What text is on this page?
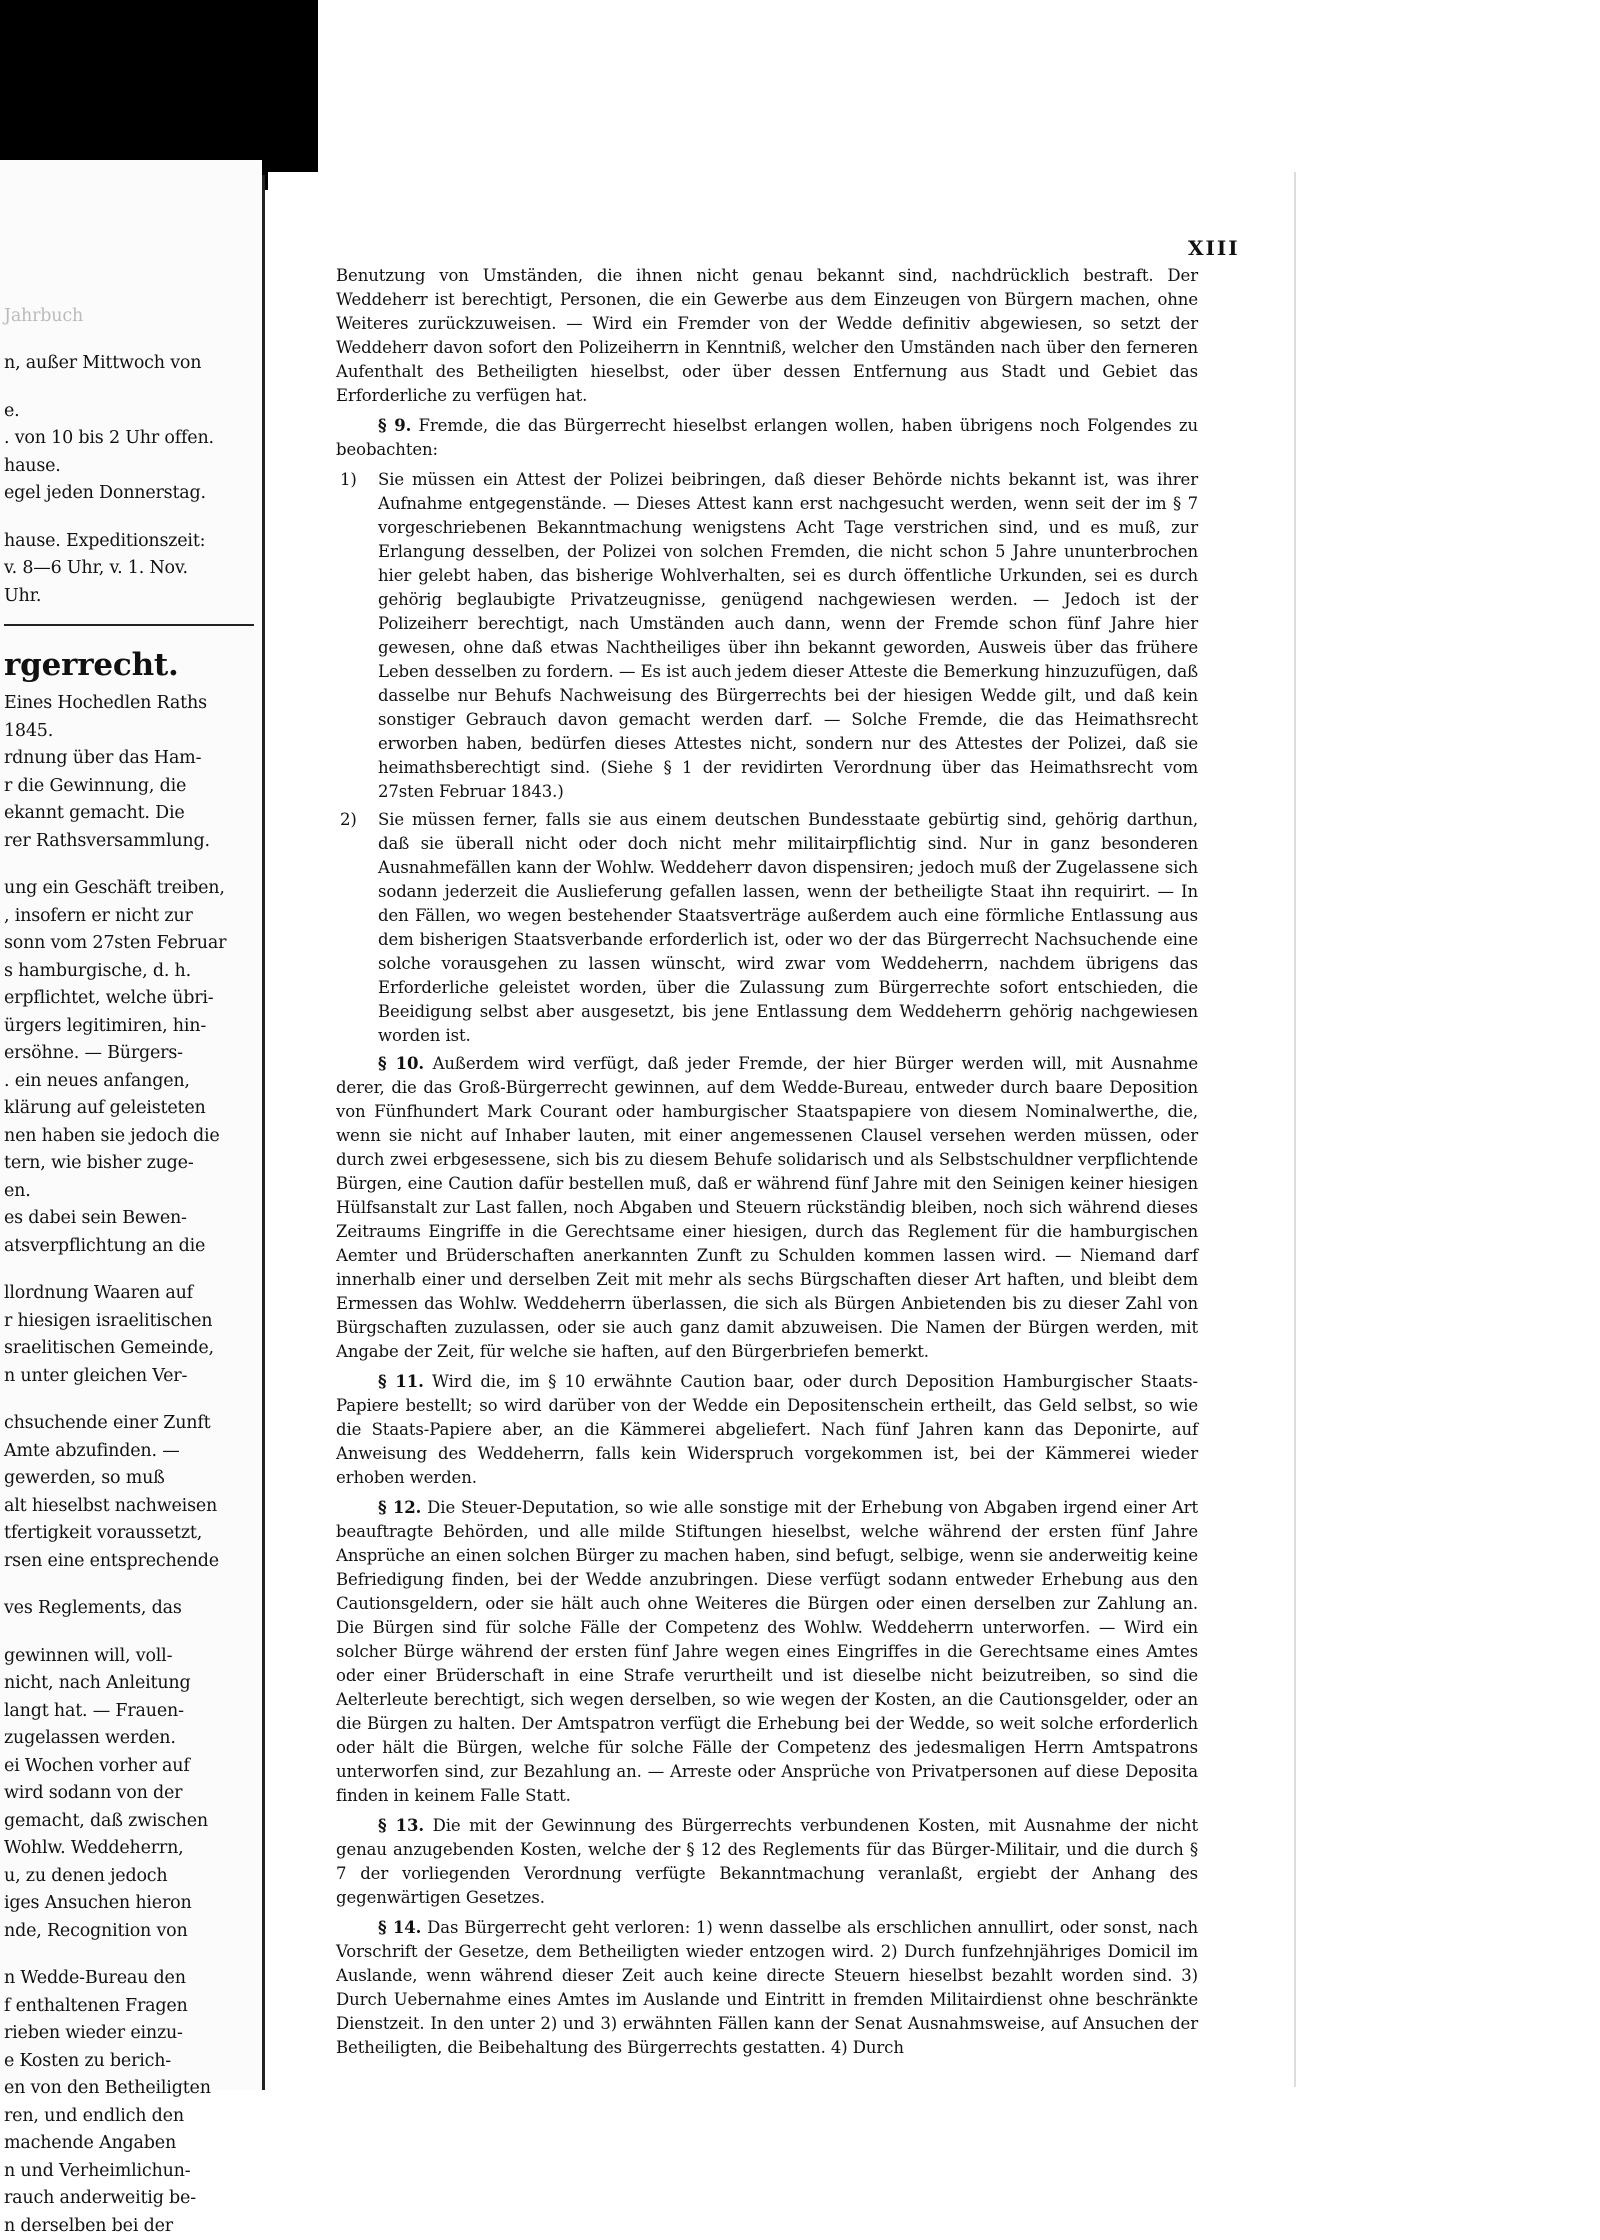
Jahrbuch

n, außer Mittwoch von

e.

. von 10 bis 2 Uhr offen.

hause.

egel jeden Donnerstag.

hause. Expeditionszeit:

v. 8—6 Uhr, v. 1. Nov.

Uhr.

rgerrecht.

Eines Hochedlen Raths

1845.

rdnung über das Ham-

r die Gewinnung, die

ekannt gemacht. Die

rer Rathsversammlung.

ung ein Geschäft treiben,

, insofern er nicht zur

sonn vom 27sten Februar

s hamburgische, d. h.

erpflichtet, welche übri-

ürgers legitimiren, hin-

ersöhne. — Bürgers-

. ein neues anfangen,

klärung auf geleisteten

nen haben sie jedoch die

tern, wie bisher zuge-

en.

es dabei sein Bewen-

atsverpflichtung an die

llordnung Waaren auf

r hiesigen israelitischen

sraelitischen Gemeinde,

n unter gleichen Ver-

chsuchende einer Zunft

Amte abzufinden. —

gewerden, so muß

alt hieselbst nachweisen

tfertigkeit voraussetzt,

rsen eine entsprechende

ves Reglements, das

gewinnen will, voll-

nicht, nach Anleitung

langt hat. — Frauen-

zugelassen werden.

ei Wochen vorher auf

wird sodann von der

gemacht, daß zwischen

Wohlw. Weddeherrn,

u, zu denen jedoch

iges Ansuchen hieron

nde, Recognition von

n Wedde-Bureau den

f enthaltenen Fragen

rieben wieder einzu-

e Kosten zu berich-

en von den Betheiligten

ren, und endlich den

machende Angaben

n und Verheimlichun-

rauch anderweitig be-

n derselben bei der

XIII

Benutzung von Umständen, die ihnen nicht genau bekannt sind, nachdrücklich bestraft. Der Weddeherr ist berechtigt, Personen, die ein Gewerbe aus dem Einzeugen von Bürgern machen, ohne Weiteres zurückzuweisen. — Wird ein Fremder von der Wedde definitiv abgewiesen, so setzt der Weddeherr davon sofort den Polizeiherrn in Kenntniß, welcher den Umständen nach über den ferneren Aufenthalt des Betheiligten hieselbst, oder über dessen Entfernung aus Stadt und Gebiet das Erforderliche zu verfügen hat.

§ 9. Fremde, die das Bürgerrecht hieselbst erlangen wollen, haben übrigens noch Folgendes zu beobachten:

1) Sie müssen ein Attest der Polizei beibringen, daß dieser Behörde nichts bekannt ist, was ihrer Aufnahme entgegenstände. — Dieses Attest kann erst nachgesucht werden, wenn seit der im § 7 vorgeschriebenen Bekanntmachung wenigstens Acht Tage verstrichen sind, und es muß, zur Erlangung desselben, der Polizei von solchen Fremden, die nicht schon 5 Jahre ununterbrochen hier gelebt haben, das bisherige Wohlverhalten, sei es durch öffentliche Urkunden, sei es durch gehörig beglaubigte Privatzeugnisse, genügend nachgewiesen werden. — Jedoch ist der Polizeiherr berechtigt, nach Umständen auch dann, wenn der Fremde schon fünf Jahre hier gewesen, ohne daß etwas Nachtheiliges über ihn bekannt geworden, Ausweis über das frühere Leben desselben zu fordern. — Es ist auch jedem dieser Atteste die Bemerkung hinzuzufügen, daß dasselbe nur Behufs Nachweisung des Bürgerrechts bei der hiesigen Wedde gilt, und daß kein sonstiger Gebrauch davon gemacht werden darf. — Solche Fremde, die das Heimathsrecht erworben haben, bedürfen dieses Attestes nicht, sondern nur des Attestes der Polizei, daß sie heimathsberechtigt sind. (Siehe § 1 der revidirten Verordnung über das Heimathsrecht vom 27sten Februar 1843.)
2) Sie müssen ferner, falls sie aus einem deutschen Bundesstaate gebürtig sind, gehörig darthun, daß sie überall nicht oder doch nicht mehr militairpflichtig sind. Nur in ganz besonderen Ausnahmefällen kann der Wohlw. Weddeherr davon dispensiren; jedoch muß der Zugelassene sich sodann jederzeit die Auslieferung gefallen lassen, wenn der betheiligte Staat ihn requirirt. — In den Fällen, wo wegen bestehender Staatsverträge außerdem auch eine förmliche Entlassung aus dem bisherigen Staatsverbande erforderlich ist, oder wo der das Bürgerrecht Nachsuchende eine solche vorausgehen zu lassen wünscht, wird zwar vom Weddeherrn, nachdem übrigens das Erforderliche geleistet worden, über die Zulassung zum Bürgerrechte sofort entschieden, die Beeidigung selbst aber ausgesetzt, bis jene Entlassung dem Weddeherrn gehörig nachgewiesen worden ist.

§ 10. Außerdem wird verfügt, daß jeder Fremde, der hier Bürger werden will, mit Ausnahme derer, die das Groß-Bürgerrecht gewinnen, auf dem Wedde-Bureau, entweder durch baare Deposition von Fünfhundert Mark Courant oder hamburgischer Staatspapiere von diesem Nominalwerthe, die, wenn sie nicht auf Inhaber lauten, mit einer angemessenen Clausel versehen werden müssen, oder durch zwei erbgesessene, sich bis zu diesem Behufe solidarisch und als Selbstschuldner verpflichtende Bürgen, eine Caution dafür bestellen muß, daß er während fünf Jahre mit den Seinigen keiner hiesigen Hülfsanstalt zur Last fallen, noch Abgaben und Steuern rückständig bleiben, noch sich während dieses Zeitraums Eingriffe in die Gerechtsame einer hiesigen, durch das Reglement für die hamburgischen Aemter und Brüderschaften anerkannten Zunft zu Schulden kommen lassen wird. — Niemand darf innerhalb einer und derselben Zeit mit mehr als sechs Bürgschaften dieser Art haften, und bleibt dem Ermessen das Wohlw. Weddeherrn überlassen, die sich als Bürgen Anbietenden bis zu dieser Zahl von Bürgschaften zuzulassen, oder sie auch ganz damit abzuweisen. Die Namen der Bürgen werden, mit Angabe der Zeit, für welche sie haften, auf den Bürgerbriefen bemerkt.

§ 11. Wird die, im § 10 erwähnte Caution baar, oder durch Deposition Hamburgischer Staats-Papiere bestellt; so wird darüber von der Wedde ein Depositenschein ertheilt, das Geld selbst, so wie die Staats-Papiere aber, an die Kämmerei abgeliefert. Nach fünf Jahren kann das Deponirte, auf Anweisung des Weddeherrn, falls kein Widerspruch vorgekommen ist, bei der Kämmerei wieder erhoben werden.

§ 12. Die Steuer-Deputation, so wie alle sonstige mit der Erhebung von Abgaben irgend einer Art beauftragte Behörden, und alle milde Stiftungen hieselbst, welche während der ersten fünf Jahre Ansprüche an einen solchen Bürger zu machen haben, sind befugt, selbige, wenn sie anderweitig keine Befriedigung finden, bei der Wedde anzubringen. Diese verfügt sodann entweder Erhebung aus den Cautionsgeldern, oder sie hält auch ohne Weiteres die Bürgen oder einen derselben zur Zahlung an. Die Bürgen sind für solche Fälle der Competenz des Wohlw. Weddeherrn unterworfen. — Wird ein solcher Bürge während der ersten fünf Jahre wegen eines Eingriffes in die Gerechtsame eines Amtes oder einer Brüderschaft in eine Strafe verurtheilt und ist dieselbe nicht beizutreiben, so sind die Aelterleute berechtigt, sich wegen derselben, so wie wegen der Kosten, an die Cautionsgelder, oder an die Bürgen zu halten. Der Amtspatron verfügt die Erhebung bei der Wedde, so weit solche erforderlich oder hält die Bürgen, welche für solche Fälle der Competenz des jedesmaligen Herrn Amtspatrons unterworfen sind, zur Bezahlung an. — Arreste oder Ansprüche von Privatpersonen auf diese Deposita finden in keinem Falle Statt.

§ 13. Die mit der Gewinnung des Bürgerrechts verbundenen Kosten, mit Ausnahme der nicht genau anzugebenden Kosten, welche der § 12 des Reglements für das Bürger-Militair, und die durch § 7 der vorliegenden Verordnung verfügte Bekanntmachung veranlaßt, ergiebt der Anhang des gegenwärtigen Gesetzes.

§ 14. Das Bürgerrecht geht verloren: 1) wenn dasselbe als erschlichen annullirt, oder sonst, nach Vorschrift der Gesetze, dem Betheiligten wieder entzogen wird. 2) Durch funfzehnjähriges Domicil im Auslande, wenn während dieser Zeit auch keine directe Steuern hieselbst bezahlt worden sind. 3) Durch Uebernahme eines Amtes im Auslande und Eintritt in fremden Militairdienst ohne beschränkte Dienstzeit. In den unter 2) und 3) erwähnten Fällen kann der Senat Ausnahmsweise, auf Ansuchen der Betheiligten, die Beibehaltung des Bürgerrechts gestatten. 4) Durch
